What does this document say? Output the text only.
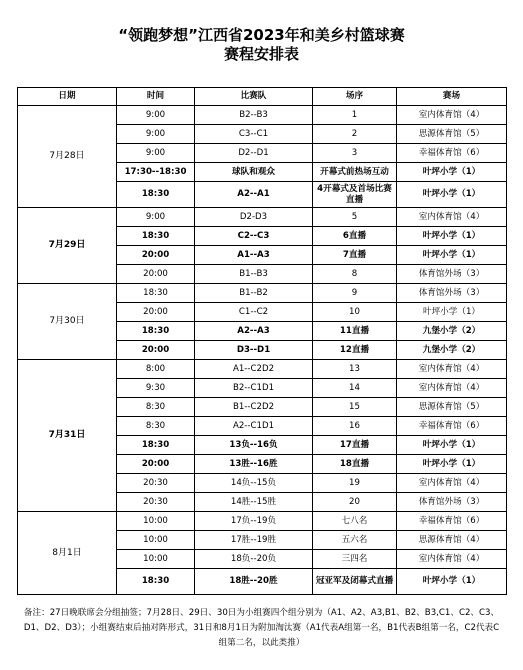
“领跑梦想”江西省2023年和美乡村篮球赛
赛程安排表
日期	时间	比赛队	场序	赛场
7月28日	9:00	B2--B3	1	室内体育馆（4）
	9:00	C3--C1	2	思源体育馆（5）
	9:00	D2--D1	3	幸福体育馆（6）
	17:30--18:30	球队和观众	开幕式前热场互动	叶坪小学（1）
	18:30	A2--A1	4开幕式及首场比赛直播	叶坪小学（1）
7月29日	9:00	D2-D3	5	室内体育馆（4）
	18:30	C2--C3	6直播	叶坪小学（1）
	20:00	A1--A3	7直播	叶坪小学（1）
	20:00	B1--B3	8	体育馆外场（3）
7月30日	18:30	B1--B2	9	体育馆外场（3）
	20:00	C1--C2	10	叶坪小学（1）
	18:30	A2--A3	11直播	九堡小学（2）
	20:00	D3--D1	12直播	九堡小学（2）
7月31日	8:00	A1--C2D2	13	室内体育馆（4）
	9:30	B2--C1D1	14	室内体育馆（4）
	8:30	B1--C2D2	15	思源体育馆（5）
	8:30	A2--C1D1	16	幸福体育馆（6）
	18:30	13负--16负	17直播	叶坪小学（1）
	20:00	13胜--16胜	18直播	叶坪小学（1）
	20:30	14负--15负	19	室内体育馆（4）
	20:30	14胜--15胜	20	体育馆外场（3）
8月1日	10:00	17负--19负	七八名	幸福体育馆（6）
	10:00	17胜--19胜	五六名	思源体育馆（4）
	10:00	18负--20负	三四名	室内体育馆（4）
	18:30	18胜--20胜	冠亚军及闭幕式直播	叶坪小学（1）
备注：27日晚联席会分组抽签；7月28日、29日、30日为小组赛四个组分别为（A1、A2、A3,B1、B2、B3,C1、C2、C3、D1、D2、D3）；小组赛结束后抽对阵形式，31日和8月1日为附加淘汰赛（A1代表A组第一名，B1代表B组第一名，C2代表C组第二名，以此类推）
